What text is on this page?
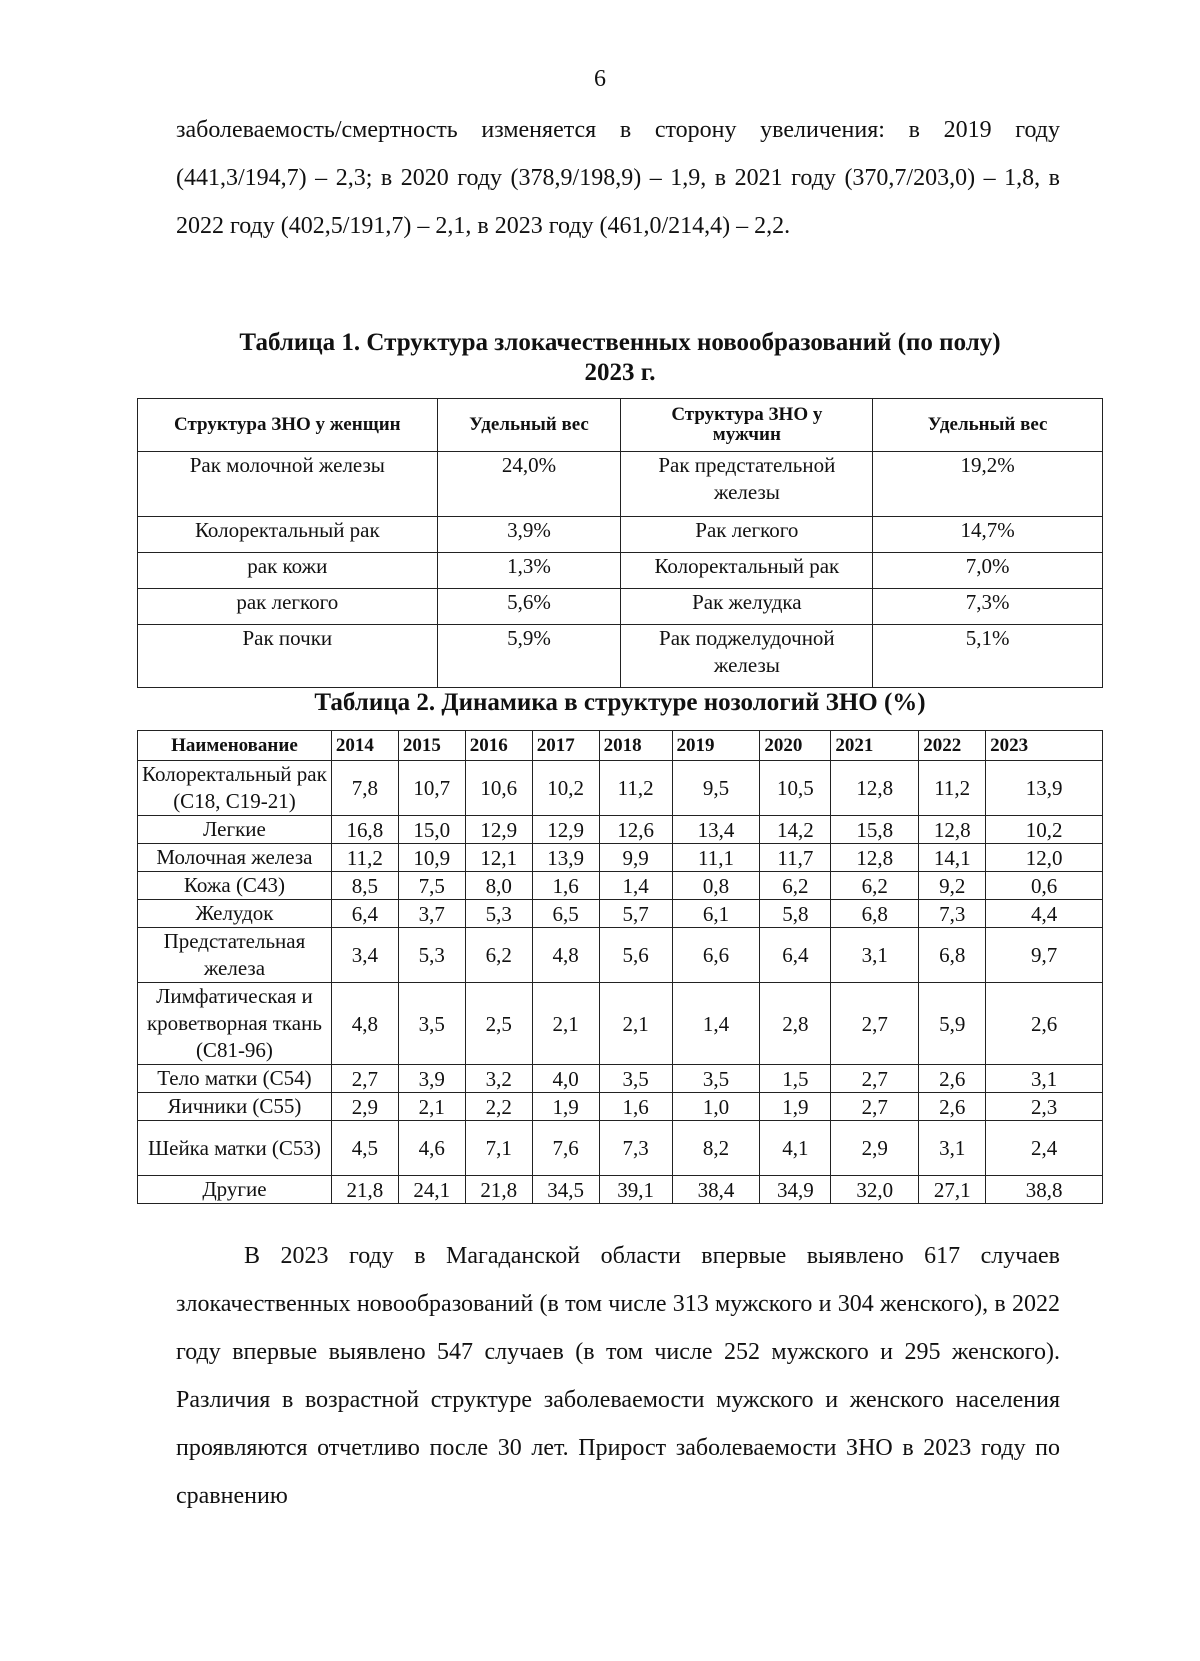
6

заболеваемость/смертность изменяется в сторону увеличения: в 2019 году (441,3/194,7) – 2,3; в 2020 году (378,9/198,9) – 1,9, в 2021 году (370,7/203,0) – 1,8, в 2022 году (402,5/191,7) – 2,1, в 2023 году (461,0/214,4) – 2,2.

Таблица 1. Структура злокачественных новообразований (по полу)
2023 г.
Структура ЗНО у женщин	Удельный вес	Структура ЗНО у мужчин	Удельный вес
Рак молочной железы	24,0%	Рак предстательной железы	19,2%
Колоректальный рак	3,9%	Рак легкого	14,7%
рак кожи	1,3%	Колоректальный рак	7,0%
рак легкого	5,6%	Рак желудка	7,3%
Рак почки	5,9%	Рак поджелудочной железы	5,1%
Таблица 2. Динамика в структуре нозологий ЗНО (%)
Наименование	2014	2015	2016	2017	2018	2019	2020	2021	2022	2023
Колоректальный рак (C18, C19-21)	7,8	10,7	10,6	10,2	11,2	9,5	10,5	12,8	11,2	13,9
Легкие	16,8	15,0	12,9	12,9	12,6	13,4	14,2	15,8	12,8	10,2
Молочная железа	11,2	10,9	12,1	13,9	9,9	11,1	11,7	12,8	14,1	12,0
Кожа (C43)	8,5	7,5	8,0	1,6	1,4	0,8	6,2	6,2	9,2	0,6
Желудок	6,4	3,7	5,3	6,5	5,7	6,1	5,8	6,8	7,3	4,4
Предстательная железа	3,4	5,3	6,2	4,8	5,6	6,6	6,4	3,1	6,8	9,7
Лимфатическая и кроветворная ткань (C81-96)	4,8	3,5	2,5	2,1	2,1	1,4	2,8	2,7	5,9	2,6
Тело матки (C54)	2,7	3,9	3,2	4,0	3,5	3,5	1,5	2,7	2,6	3,1
Яичники (C55)	2,9	2,1	2,2	1,9	1,6	1,0	1,9	2,7	2,6	2,3
Шейка матки (C53)	4,5	4,6	7,1	7,6	7,3	8,2	4,1	2,9	3,1	2,4
Другие	21,8	24,1	21,8	34,5	39,1	38,4	34,9	32,0	27,1	38,8

В 2023 году в Магаданской области впервые выявлено 617 случаев злокачественных новообразований (в том числе 313 мужского и 304 женского), в 2022 году впервые выявлено 547 случаев (в том числе 252 мужского и 295 женского). Различия в возрастной структуре заболеваемости мужского и женского населения проявляются отчетливо после 30 лет. Прирост заболеваемости ЗНО в 2023 году по сравнению
